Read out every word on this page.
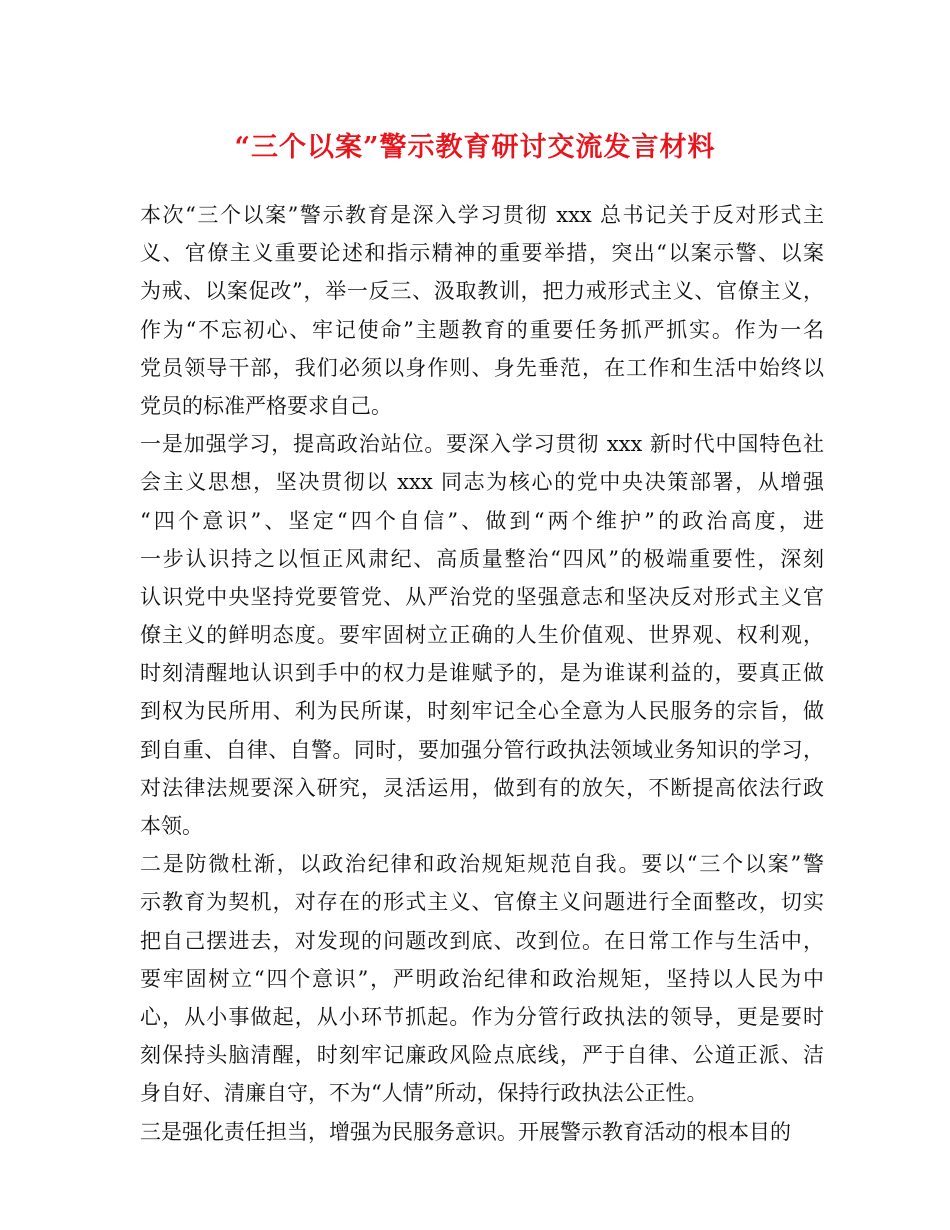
“三个以案”警示教育研讨交流发言材料
本次“三个以案”警示教育是深入学习贯彻 xxx 总书记关于反对形式主
义、官僚主义重要论述和指示精神的重要举措，突出“以案示警、以案
为戒、以案促改”，举一反三、汲取教训，把力戒形式主义、官僚主义，
作为“不忘初心、牢记使命”主题教育的重要任务抓严抓实。作为一名
党员领导干部，我们必须以身作则、身先垂范，在工作和生活中始终以
党员的标准严格要求自己。
一是加强学习，提高政治站位。要深入学习贯彻 xxx 新时代中国特色社
会主义思想，坚决贯彻以 xxx 同志为核心的党中央决策部署，从增强
“四个意识”、坚定“四个自信”、做到“两个维护”的政治高度，进
一步认识持之以恒正风肃纪、高质量整治“四风”的极端重要性，深刻
认识党中央坚持党要管党、从严治党的坚强意志和坚决反对形式主义官
僚主义的鲜明态度。要牢固树立正确的人生价值观、世界观、权利观，
时刻清醒地认识到手中的权力是谁赋予的，是为谁谋利益的，要真正做
到权为民所用、利为民所谋，时刻牢记全心全意为人民服务的宗旨，做
到自重、自律、自警。同时，要加强分管行政执法领域业务知识的学习，
对法律法规要深入研究，灵活运用，做到有的放矢，不断提高依法行政
本领。
二是防微杜渐，以政治纪律和政治规矩规范自我。要以“三个以案”警
示教育为契机，对存在的形式主义、官僚主义问题进行全面整改，切实
把自己摆进去，对发现的问题改到底、改到位。在日常工作与生活中，
要牢固树立“四个意识”，严明政治纪律和政治规矩，坚持以人民为中
心，从小事做起，从小环节抓起。作为分管行政执法的领导，更是要时
刻保持头脑清醒，时刻牢记廉政风险点底线，严于自律、公道正派、洁
身自好、清廉自守，不为“人情”所动，保持行政执法公正性。
三是强化责任担当，增强为民服务意识。开展警示教育活动的根本目的
